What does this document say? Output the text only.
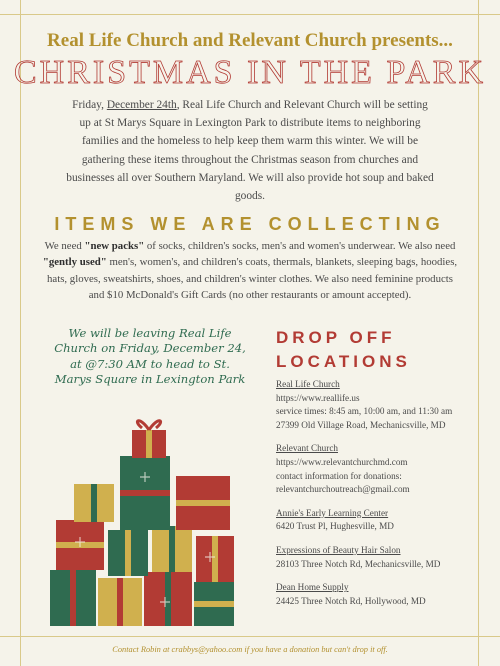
Real Life Church and Relevant Church presents...
CHRISTMAS IN THE PARK
Friday, December 24th, Real Life Church and Relevant Church will be setting up at St Marys Square in Lexington Park to distribute items to neighboring families and the homeless to help keep them warm this winter. We will be gathering these items throughout the Christmas season from churches and businesses all over Southern Maryland. We will also provide hot soup and baked goods.
ITEMS WE ARE COLLECTING
We need "new packs" of socks, children's socks, men's and women's underwear. We also need "gently used" men's, women's, and children's coats, thermals, blankets, sleeping bags, hoodies, hats, gloves, sweatshirts, shoes, and children's winter clothes. We also need feminine products and $10 McDonald's Gift Cards (no other restaurants or amount accepted).
We will be leaving Real Life Church on Friday, December 24, at @7:30 AM to head to St. Marys Square in Lexington Park
DROP OFF
LOCATIONS
Real Life Church
https://www.reallife.us
service times: 8:45 am, 10:00 am, and 11:30 am
27399 Old Village Road, Mechanicsville, MD
Relevant Church
https://www.relevantchurchmd.com
contact information for donations:
relevantchurchoutreach@gmail.com
Annie's Early Learning Center
6420 Trust Pl, Hughesville, MD
Expressions of Beauty Hair Salon
28103 Three Notch Rd, Mechanicsville, MD
Dean Home Supply
24425 Three Notch Rd, Hollywood, MD
Contact Robin at crabbys@yahoo.com if you have a donation but can't drop it off.
